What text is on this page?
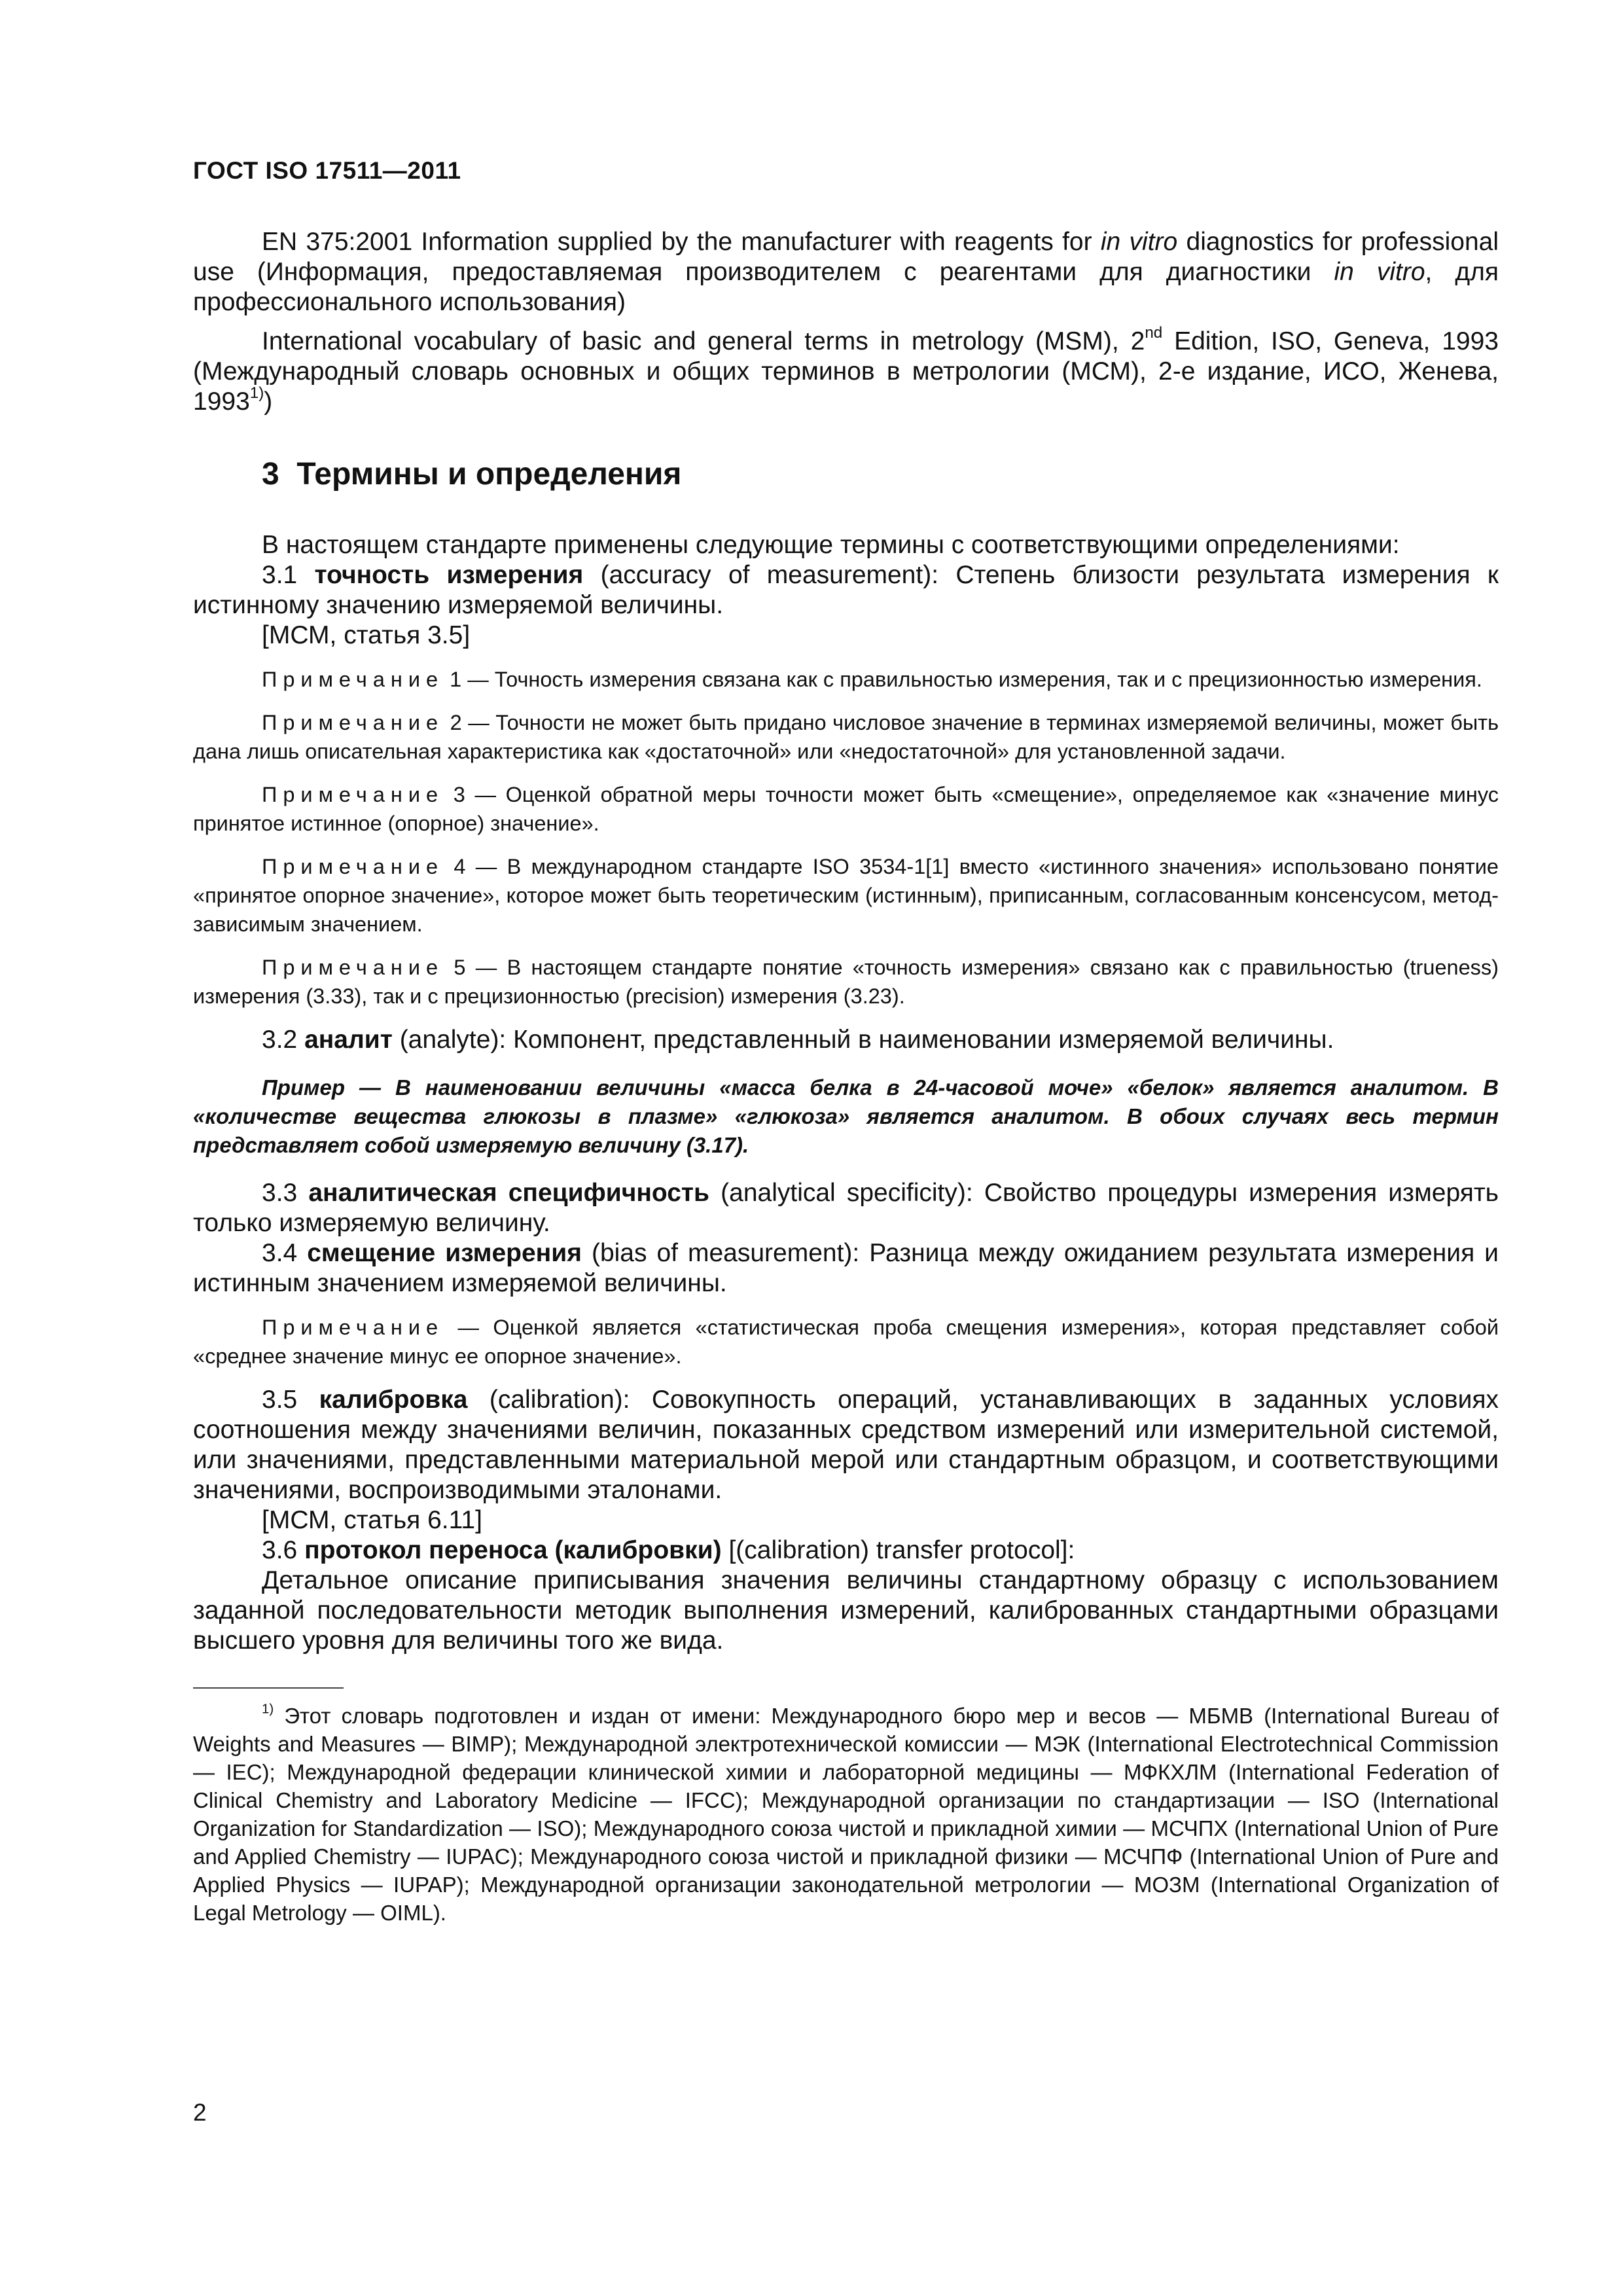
ГОСТ ISO 17511—2011

EN 375:2001 Information supplied by the manufacturer with reagents for in vitro diagnostics for professional use (Информация, предоставляемая производителем с реагентами для диагностики in vitro, для профессионального использования)

International vocabulary of basic and general terms in metrology (MSM), 2nd Edition, ISO, Geneva, 1993 (Международный словарь основных и общих терминов в метрологии (МСМ), 2-е издание, ИСО, Женева, 1993$^{1)}$)

3 Термины и определения

В настоящем стандарте применены следующие термины с соответствующими определениями:

3.1 точность измерения (accuracy of measurement): Степень близости результата измерения к истинному значению измеряемой величины.

[МСМ, статья 3.5]

Примечание 1 — Точность измерения связана как с правильностью измерения, так и с прецизионностью измерения.

Примечание 2 — Точности не может быть придано числовое значение в терминах измеряемой величины, может быть дана лишь описательная характеристика как «достаточной» или «недостаточной» для установленной задачи.

Примечание 3 — Оценкой обратной меры точности может быть «смещение», определяемое как «значение минус принятое истинное (опорное) значение».

Примечание 4 — В международном стандарте ISO 3534-1[1] вместо «истинного значения» использовано понятие «принятое опорное значение», которое может быть теоретическим (истинным), приписанным, согласованным консенсусом, метод-зависимым значением.

Примечание 5 — В настоящем стандарте понятие «точность измерения» связано как с правильностью (trueness) измерения (3.33), так и с прецизионностью (precision) измерения (3.23).

3.2 аналит (analyte): Компонент, представленный в наименовании измеряемой величины.

Пример — В наименовании величины «масса белка в 24-часовой моче» «белок» является аналитом. В «количестве вещества глюкозы в плазме» «глюкоза» является аналитом. В обоих случаях весь термин представляет собой измеряемую величину (3.17).

3.3 аналитическая специфичность (analytical specificity): Свойство процедуры измерения измерять только измеряемую величину.

3.4 смещение измерения (bias of measurement): Разница между ожиданием результата измерения и истинным значением измеряемой величины.

Примечание — Оценкой является «статистическая проба смещения измерения», которая представляет собой «среднее значение минус ее опорное значение».

3.5 калибровка (calibration): Совокупность операций, устанавливающих в заданных условиях соотношения между значениями величин, показанных средством измерений или измерительной системой, или значениями, представленными материальной мерой или стандартным образцом, и соответствующими значениями, воспроизводимыми эталонами.

[МСМ, статья 6.11]

3.6 протокол переноса (калибровки) [(calibration) transfer protocol]:

Детальное описание приписывания значения величины стандартному образцу с использованием заданной последовательности методик выполнения измерений, калиброванных стандартными образцами высшего уровня для величины того же вида.

$^{1)}$ Этот словарь подготовлен и издан от имени: Международного бюро мер и весов — МБМВ (International Bureau of Weights and Measures — BIMP); Международной электротехнической комиссии — МЭК (International Electrotechnical Commission — IEC); Международной федерации клинической химии и лабораторной медицины — МФКХЛМ (International Federation of Clinical Chemistry and Laboratory Medicine — IFCC); Международной организации по стандартизации — ISO (International Organization for Standardization — ISO); Международного союза чистой и прикладной химии — МСЧПХ (International Union of Pure and Applied Chemistry — IUPAC); Международного союза чистой и прикладной физики — МСЧПФ (International Union of Pure and Applied Physics — IUPAP); Международной организации законодательной метрологии — МОЗМ (International Organization of Legal Metrology — OIML).

2
